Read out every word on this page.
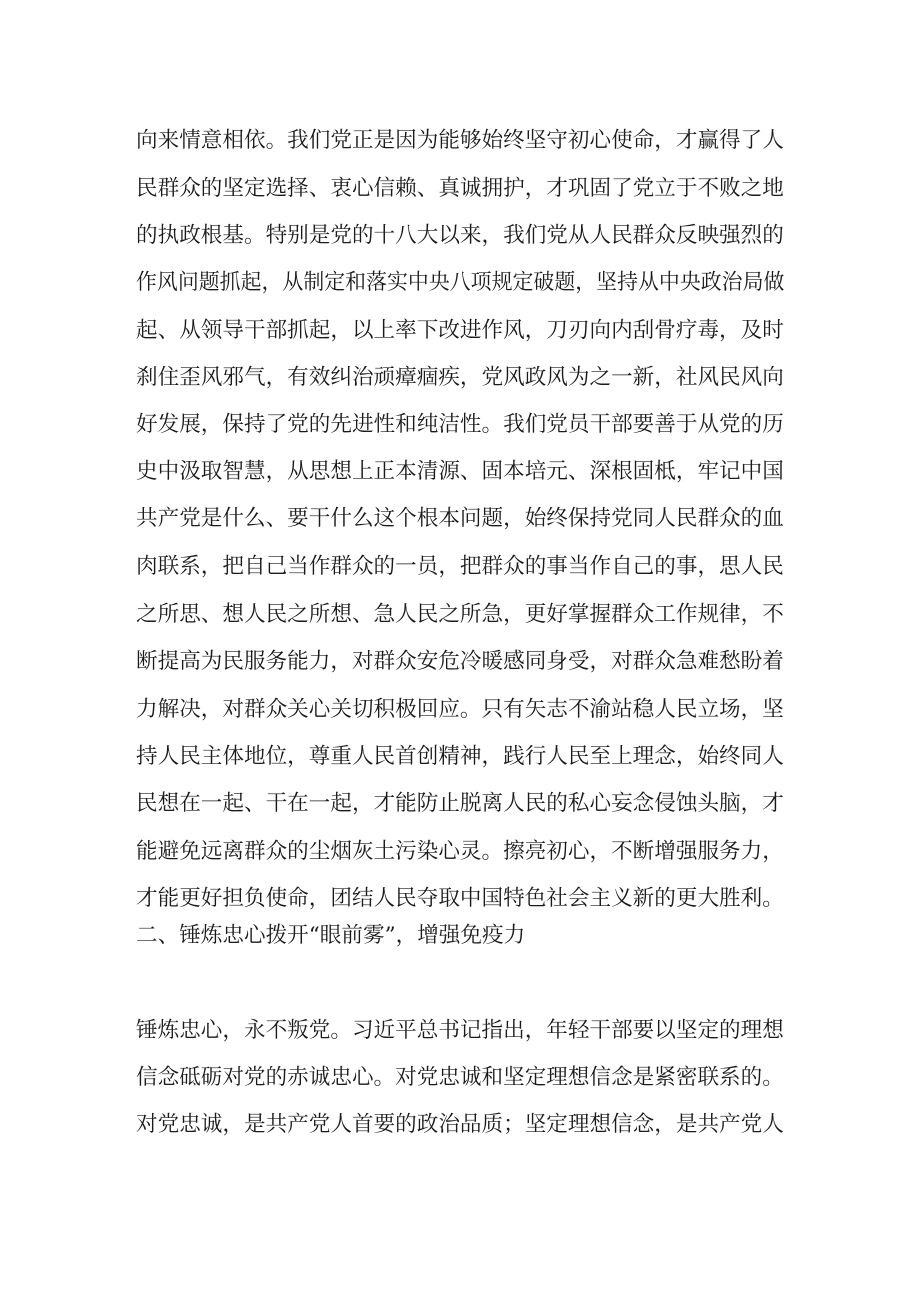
向来情意相依。我们党正是因为能够始终坚守初心使命，才赢得了人
民群众的坚定选择、衷心信赖、真诚拥护，才巩固了党立于不败之地
的执政根基。特别是党的十八大以来，我们党从人民群众反映强烈的
作风问题抓起，从制定和落实中央八项规定破题，坚持从中央政治局做
起、从领导干部抓起，以上率下改进作风，刀刃向内刮骨疗毒，及时
刹住歪风邪气，有效纠治顽瘴痼疾，党风政风为之一新，社风民风向
好发展，保持了党的先进性和纯洁性。我们党员干部要善于从党的历
史中汲取智慧，从思想上正本清源、固本培元、深根固柢，牢记中国
共产党是什么、要干什么这个根本问题，始终保持党同人民群众的血
肉联系，把自己当作群众的一员，把群众的事当作自己的事，思人民
之所思、想人民之所想、急人民之所急，更好掌握群众工作规律，不
断提高为民服务能力，对群众安危冷暖感同身受，对群众急难愁盼着
力解决，对群众关心关切积极回应。只有矢志不渝站稳人民立场，坚
持人民主体地位，尊重人民首创精神，践行人民至上理念，始终同人
民想在一起、干在一起，才能防止脱离人民的私心妄念侵蚀头脑，才
能避免远离群众的尘烟灰土污染心灵。擦亮初心，不断增强服务力，
才能更好担负使命，团结人民夺取中国特色社会主义新的更大胜利。
二、锤炼忠心拨开“眼前雾”，增强免疫力
锤炼忠心，永不叛党。习近平总书记指出，年轻干部要以坚定的理想
信念砥砺对党的赤诚忠心。对党忠诚和坚定理想信念是紧密联系的。
对党忠诚，是共产党人首要的政治品质；坚定理想信念，是共产党人
